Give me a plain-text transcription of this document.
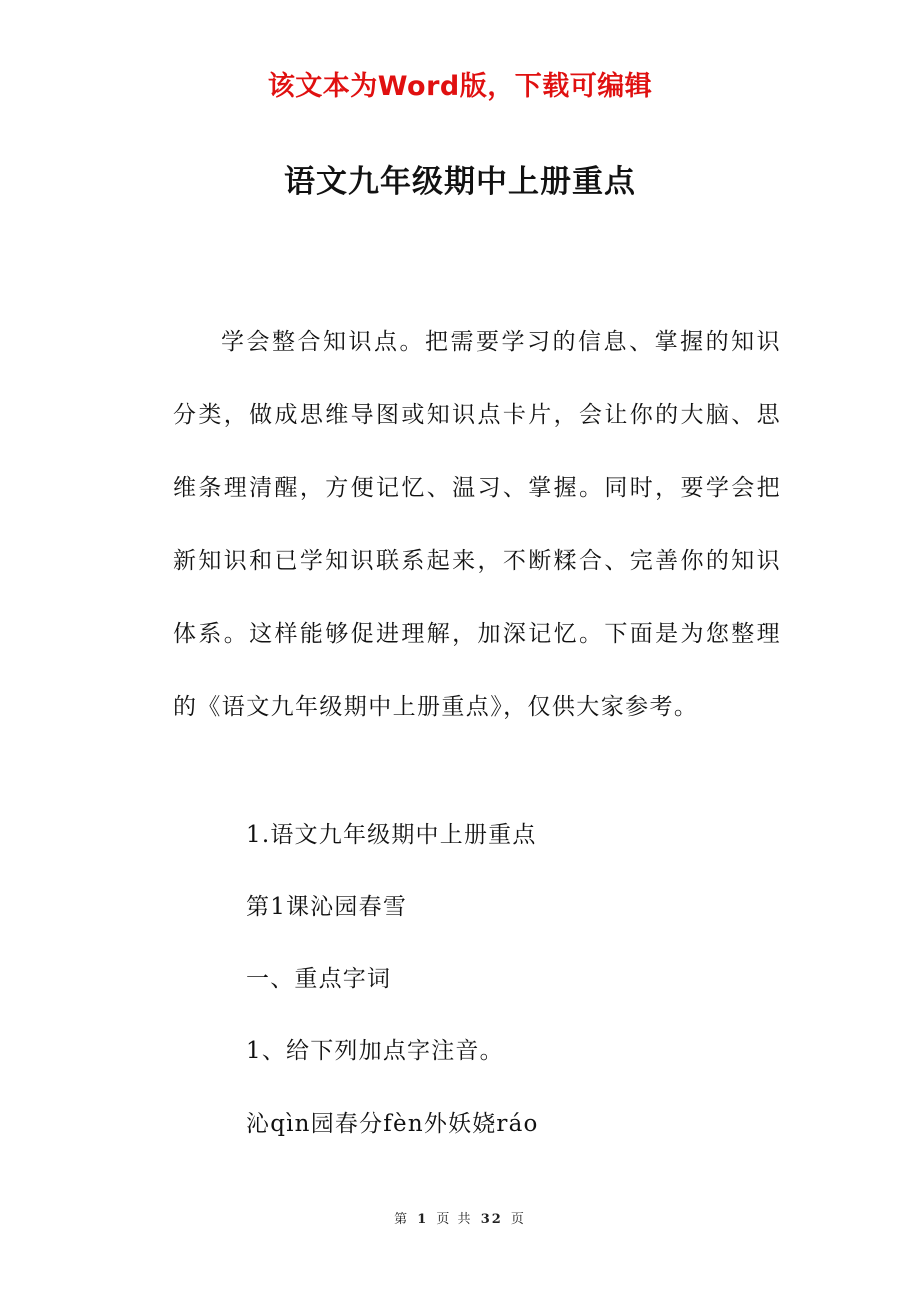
该文本为Word版，下载可编辑
语文九年级期中上册重点

学会整合知识点。把需要学习的信息、掌握的知识分类，做成思维导图或知识点卡片，会让你的大脑、思维条理清醒，方便记忆、温习、掌握。同时，要学会把新知识和已学知识联系起来，不断糅合、完善你的知识体系。这样能够促进理解，加深记忆。下面是为您整理的《语文九年级期中上册重点》，仅供大家参考。

1.语文九年级期中上册重点
第1课沁园春雪
一、重点字词
1、给下列加点字注音。
沁qìn园春分fèn外妖娆ráo
第 1 页 共 32 页
